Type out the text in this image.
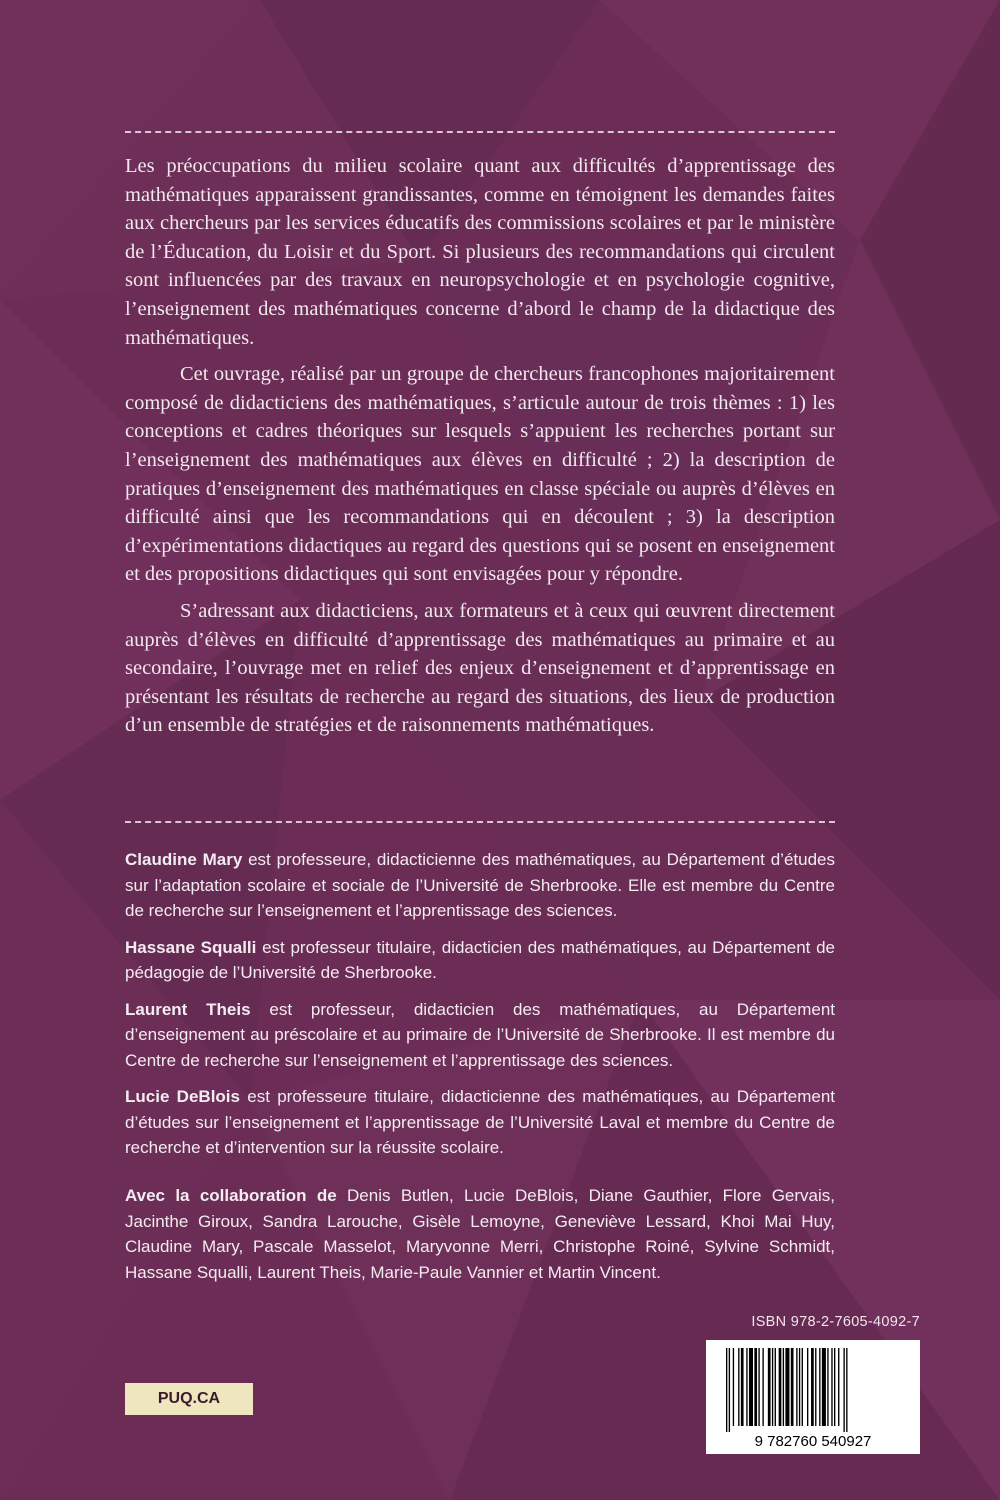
Les préoccupations du milieu scolaire quant aux difficultés d’apprentissage des mathématiques apparaissent grandissantes, comme en témoignent les demandes faites aux chercheurs par les services éducatifs des commissions scolaires et par le ministère de l’Éducation, du Loisir et du Sport. Si plusieurs des recommandations qui circulent sont influencées par des travaux en neuropsychologie et en psychologie cognitive, l’enseignement des mathématiques concerne d’abord le champ de la didactique des mathématiques.

Cet ouvrage, réalisé par un groupe de chercheurs francophones majoritairement composé de didacticiens des mathématiques, s’articule autour de trois thèmes : 1) les conceptions et cadres théoriques sur lesquels s’appuient les recherches portant sur l’enseignement des mathématiques aux élèves en difficulté ; 2) la description de pratiques d’enseignement des mathématiques en classe spéciale ou auprès d’élèves en difficulté ainsi que les recommandations qui en découlent ; 3) la description d’expérimentations didactiques au regard des questions qui se posent en enseignement et des propositions didactiques qui sont envisagées pour y répondre.

S’adressant aux didacticiens, aux formateurs et à ceux qui œuvrent directement auprès d’élèves en difficulté d’apprentissage des mathématiques au primaire et au secondaire, l’ouvrage met en relief des enjeux d’enseignement et d’apprentissage en présentant les résultats de recherche au regard des situations, des lieux de production d’un ensemble de stratégies et de raisonnements mathématiques.

Claudine Mary est professeure, didacticienne des mathématiques, au Département d’études sur l’adaptation scolaire et sociale de l’Université de Sherbrooke. Elle est membre du Centre de recherche sur l’enseignement et l’apprentissage des sciences.

Hassane Squalli est professeur titulaire, didacticien des mathématiques, au Département de pédagogie de l’Université de Sherbrooke.

Laurent Theis est professeur, didacticien des mathématiques, au Département d’enseignement au préscolaire et au primaire de l’Université de Sherbrooke. Il est membre du Centre de recherche sur l’enseignement et l’apprentissage des sciences.

Lucie DeBlois est professeure titulaire, didacticienne des mathématiques, au Département d’études sur l’enseignement et l’apprentissage de l’Université Laval et membre du Centre de recherche et d’intervention sur la réussite scolaire.

Avec la collaboration de Denis Butlen, Lucie DeBlois, Diane Gauthier, Flore Gervais, Jacinthe Giroux, Sandra Larouche, Gisèle Lemoyne, Geneviève Lessard, Khoi Mai Huy, Claudine Mary, Pascale Masselot, Maryvonne Merri, Christophe Roiné, Sylvine Schmidt, Hassane Squalli, Laurent Theis, Marie-Paule Vannier et Martin Vincent.
ISBN 978-2-7605-4092-7
9 782760 540927
PUQ.CA
